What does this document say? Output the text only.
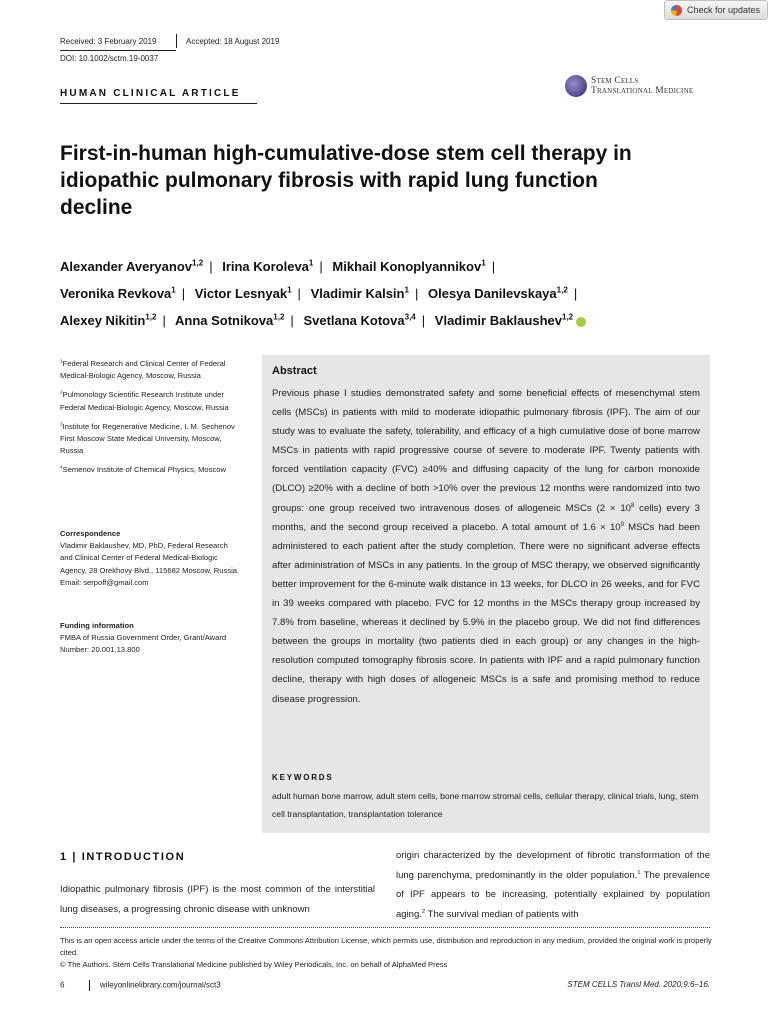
Check for updates
Received: 3 February 2019	Accepted: 18 August 2019
DOI: 10.1002/sctm.19-0037
HUMAN CLINICAL ARTICLE
Stem Cells
Translational Medicine
First-in-human high-cumulative-dose stem cell therapy in idiopathic pulmonary fibrosis with rapid lung function decline
Alexander Averyanov$^{1,2}$ | Irina Koroleva$^1$ | Mikhail Konoplyannikov$^1$ |
Veronika Revkova$^1$ | Victor Lesnyak$^1$ | Vladimir Kalsin$^1$ | Olesya Danilevskaya$^{1,2}$ |
Alexey Nikitin$^{1,2}$ | Anna Sotnikova$^{1,2}$ | Svetlana Kotova$^{3,4}$ | Vladimir Baklaushev$^{1,2}$

$^1$Federal Research and Clinical Center of Federal Medical-Biologic Agency, Moscow, Russia

$^2$Pulmonology Scientific Research Institute under Federal Medical-Biologic Agency, Moscow, Russia

$^3$Institute for Regenerative Medicine, I. M. Sechenov First Moscow State Medical University, Moscow, Russia

$^4$Semenov Institute of Chemical Physics, Moscow

Correspondence
Vladimir Baklaushev, MD, PhD, Federal Research and Clinical Center of Federal Medical-Biologic Agency, 28 Orekhovy Blvd., 115682 Moscow, Russia.
Email: serpoff@gmail.com
Funding information
FMBA of Russia Government Order, Grant/Award Number: 20.001.13.800
Abstract
Previous phase I studies demonstrated safety and some beneficial effects of mesenchymal stem cells (MSCs) in patients with mild to moderate idiopathic pulmonary fibrosis (IPF). The aim of our study was to evaluate the safety, tolerability, and efficacy of a high cumulative dose of bone marrow MSCs in patients with rapid progressive course of severe to moderate IPF. Twenty patients with forced ventilation capacity (FVC) ≥40% and diffusing capacity of the lung for carbon monoxide (DLCO) ≥20% with a decline of both >10% over the previous 12 months were randomized into two groups: one group received two intravenous doses of allogeneic MSCs ($2 \times 10^8$ cells) every 3 months, and the second group received a placebo. A total amount of $1.6 \times 10^9$ MSCs had been administered to each patient after the study completion. There were no significant adverse effects after administration of MSCs in any patients. In the group of MSC therapy, we observed significantly better improvement for the 6-minute walk distance in 13 weeks, for DLCO in 26 weeks, and for FVC in 39 weeks compared with placebo. FVC for 12 months in the MSCs therapy group increased by 7.8% from baseline, whereas it declined by 5.9% in the placebo group. We did not find differences between the groups in mortality (two patients died in each group) or any changes in the high-resolution computed tomography fibrosis score. In patients with IPF and a rapid pulmonary function decline, therapy with high doses of allogeneic MSCs is a safe and promising method to reduce disease progression.
KEYWORDS
adult human bone marrow, adult stem cells, bone marrow stromal cells, cellular therapy, clinical trials, lung, stem cell transplantation, transplantation tolerance
1 | INTRODUCTION
Idiopathic pulmonary fibrosis (IPF) is the most common of the interstitial lung diseases, a progressing chronic disease with unknown
origin characterized by the development of fibrotic transformation of the lung parenchyma, predominantly in the older population.$^1$ The prevalence of IPF appears to be increasing, potentially explained by population aging.$^2$ The survival median of patients with
This is an open access article under the terms of the Creative Commons Attribution License, which permits use, distribution and reproduction in any medium, provided the original work is properly cited.
© The Authors. Stem Cells Translational Medicine published by Wiley Periodicals, Inc. on behalf of AlphaMed Press
6	wileyonlinelibrary.com/journal/sct3	STEM CELLS Transl Med. 2020;9:6–16.
